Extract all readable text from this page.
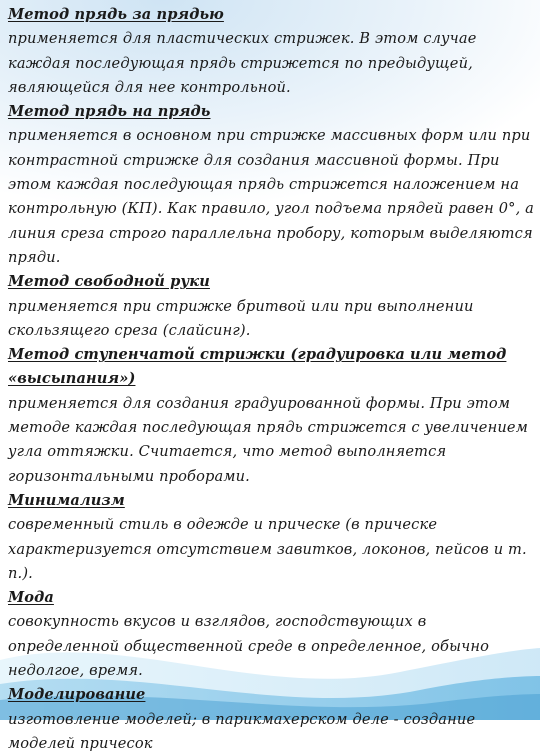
Метод прядь за прядью
применяется для пластических стрижек. В этом случае каждая последующая прядь стрижется по предыдущей, являющейся для нее контрольной.

Метод прядь на прядь
применяется в основном при стрижке массивных форм или при контрастной стрижке для создания массивной формы. При этом каждая последующая прядь стрижется наложением на контрольную (КП). Как правило, угол подъема прядей равен 0°, а линия среза строго параллельна пробору, которым выделяются пряди.

Метод свободной руки
применяется при стрижке бритвой или при выполнении скользящего среза (слайсинг).

Метод ступенчатой стрижки (градуировка или метод «высыпания»)
применяется для создания градуированной формы. При этом методе каждая последующая прядь стрижется с увеличением угла оттяжки. Считается, что метод выполняется горизонтальными проборами.

Минимализм
современный стиль в одежде и прическе (в прическе характеризуется отсутствием завитков, локонов, пейсов и т. п.).

Мода
совокупность вкусов и взглядов, господствующих в определенной общественной среде в определенное, обычно недолгое, время.

Моделирование
изготовление моделей; в парикмахерском деле - создание моделей причесок
